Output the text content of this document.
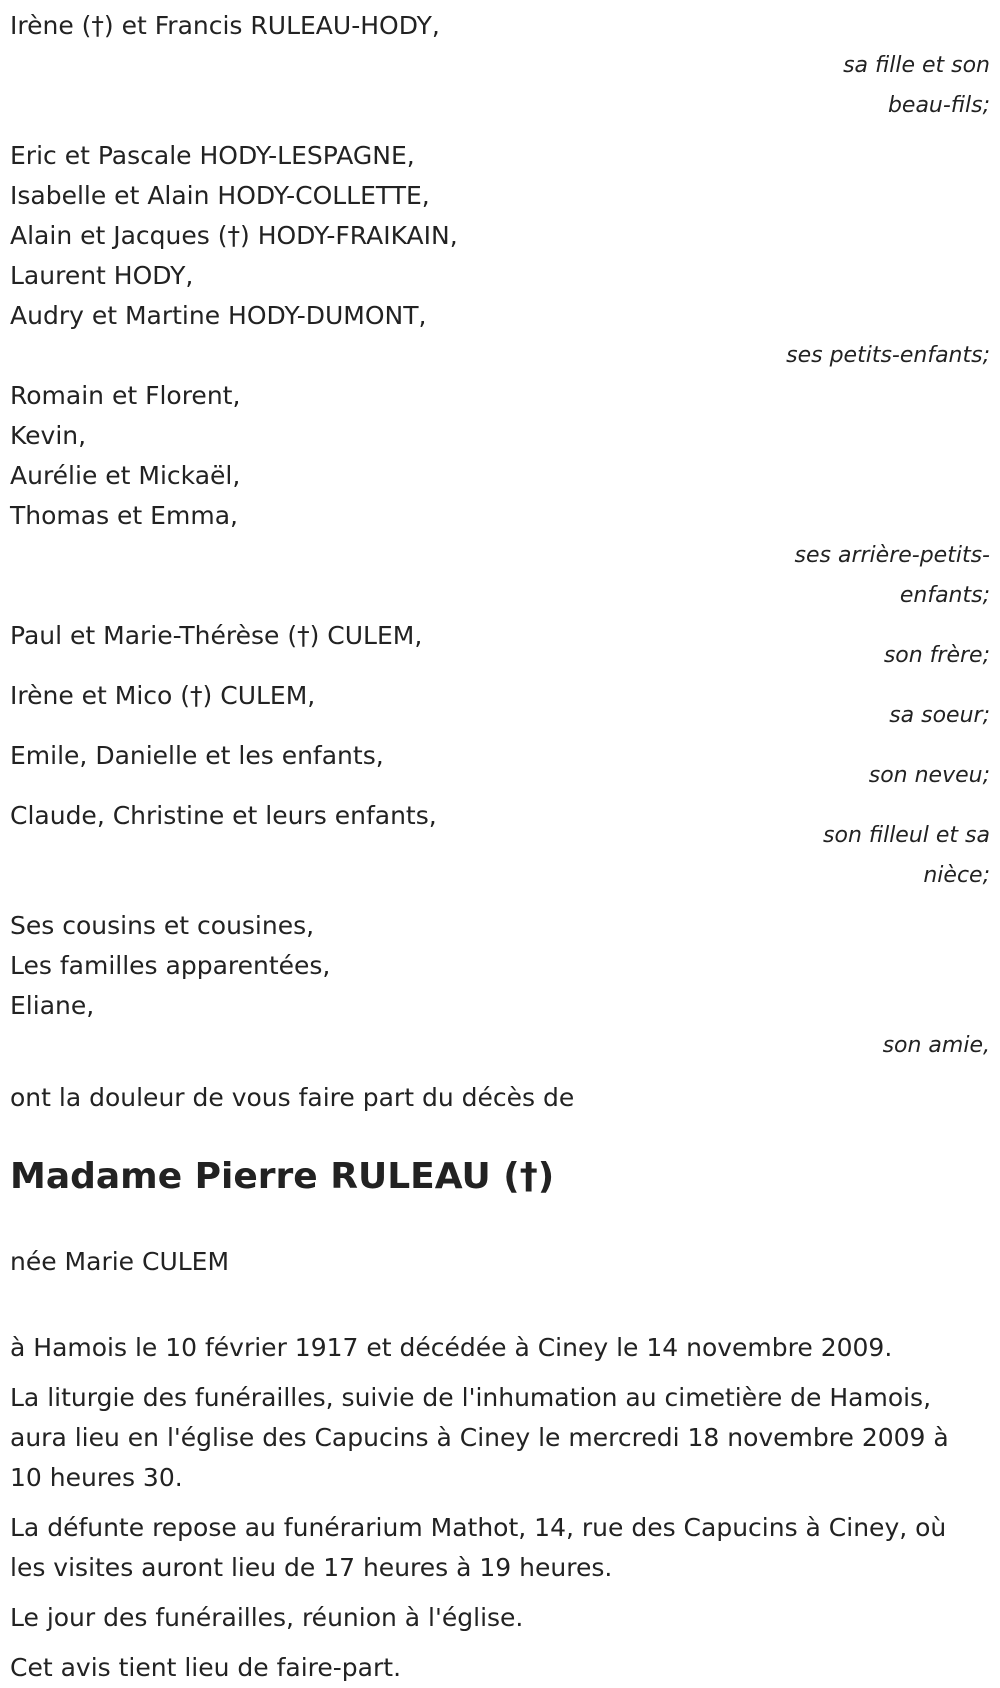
Irène (†) et Francis RULEAU-HODY,
sa fille et son
beau-fils;
Eric et Pascale HODY-LESPAGNE,
Isabelle et Alain HODY-COLLETTE,
Alain et Jacques (†) HODY-FRAIKAIN,
Laurent HODY,
Audry et Martine HODY-DUMONT,
ses petits-enfants;
Romain et Florent,
Kevin,
Aurélie et Mickaël,
Thomas et Emma,
ses arrière-petits-
enfants;
Paul et Marie-Thérèse (†) CULEM,
son frère;
Irène et Mico (†) CULEM,
sa soeur;
Emile, Danielle et les enfants,
son neveu;
Claude, Christine et leurs enfants,
son filleul et sa
nièce;
Ses cousins et cousines,
Les familles apparentées,
Eliane,
son amie,
ont la douleur de vous faire part du décès de
Madame Pierre RULEAU (†)
née Marie CULEM
à Hamois le 10 février 1917 et décédée à Ciney le 14 novembre 2009.
La liturgie des funérailles, suivie de l'inhumation au cimetière de Hamois, aura lieu en l'église des Capucins à Ciney le mercredi 18 novembre 2009 à 10 heures 30.
La défunte repose au funérarium Mathot, 14, rue des Capucins à Ciney, où les visites auront lieu de 17 heures à 19 heures.
Le jour des funérailles, réunion à l'église.
Cet avis tient lieu de faire-part.
